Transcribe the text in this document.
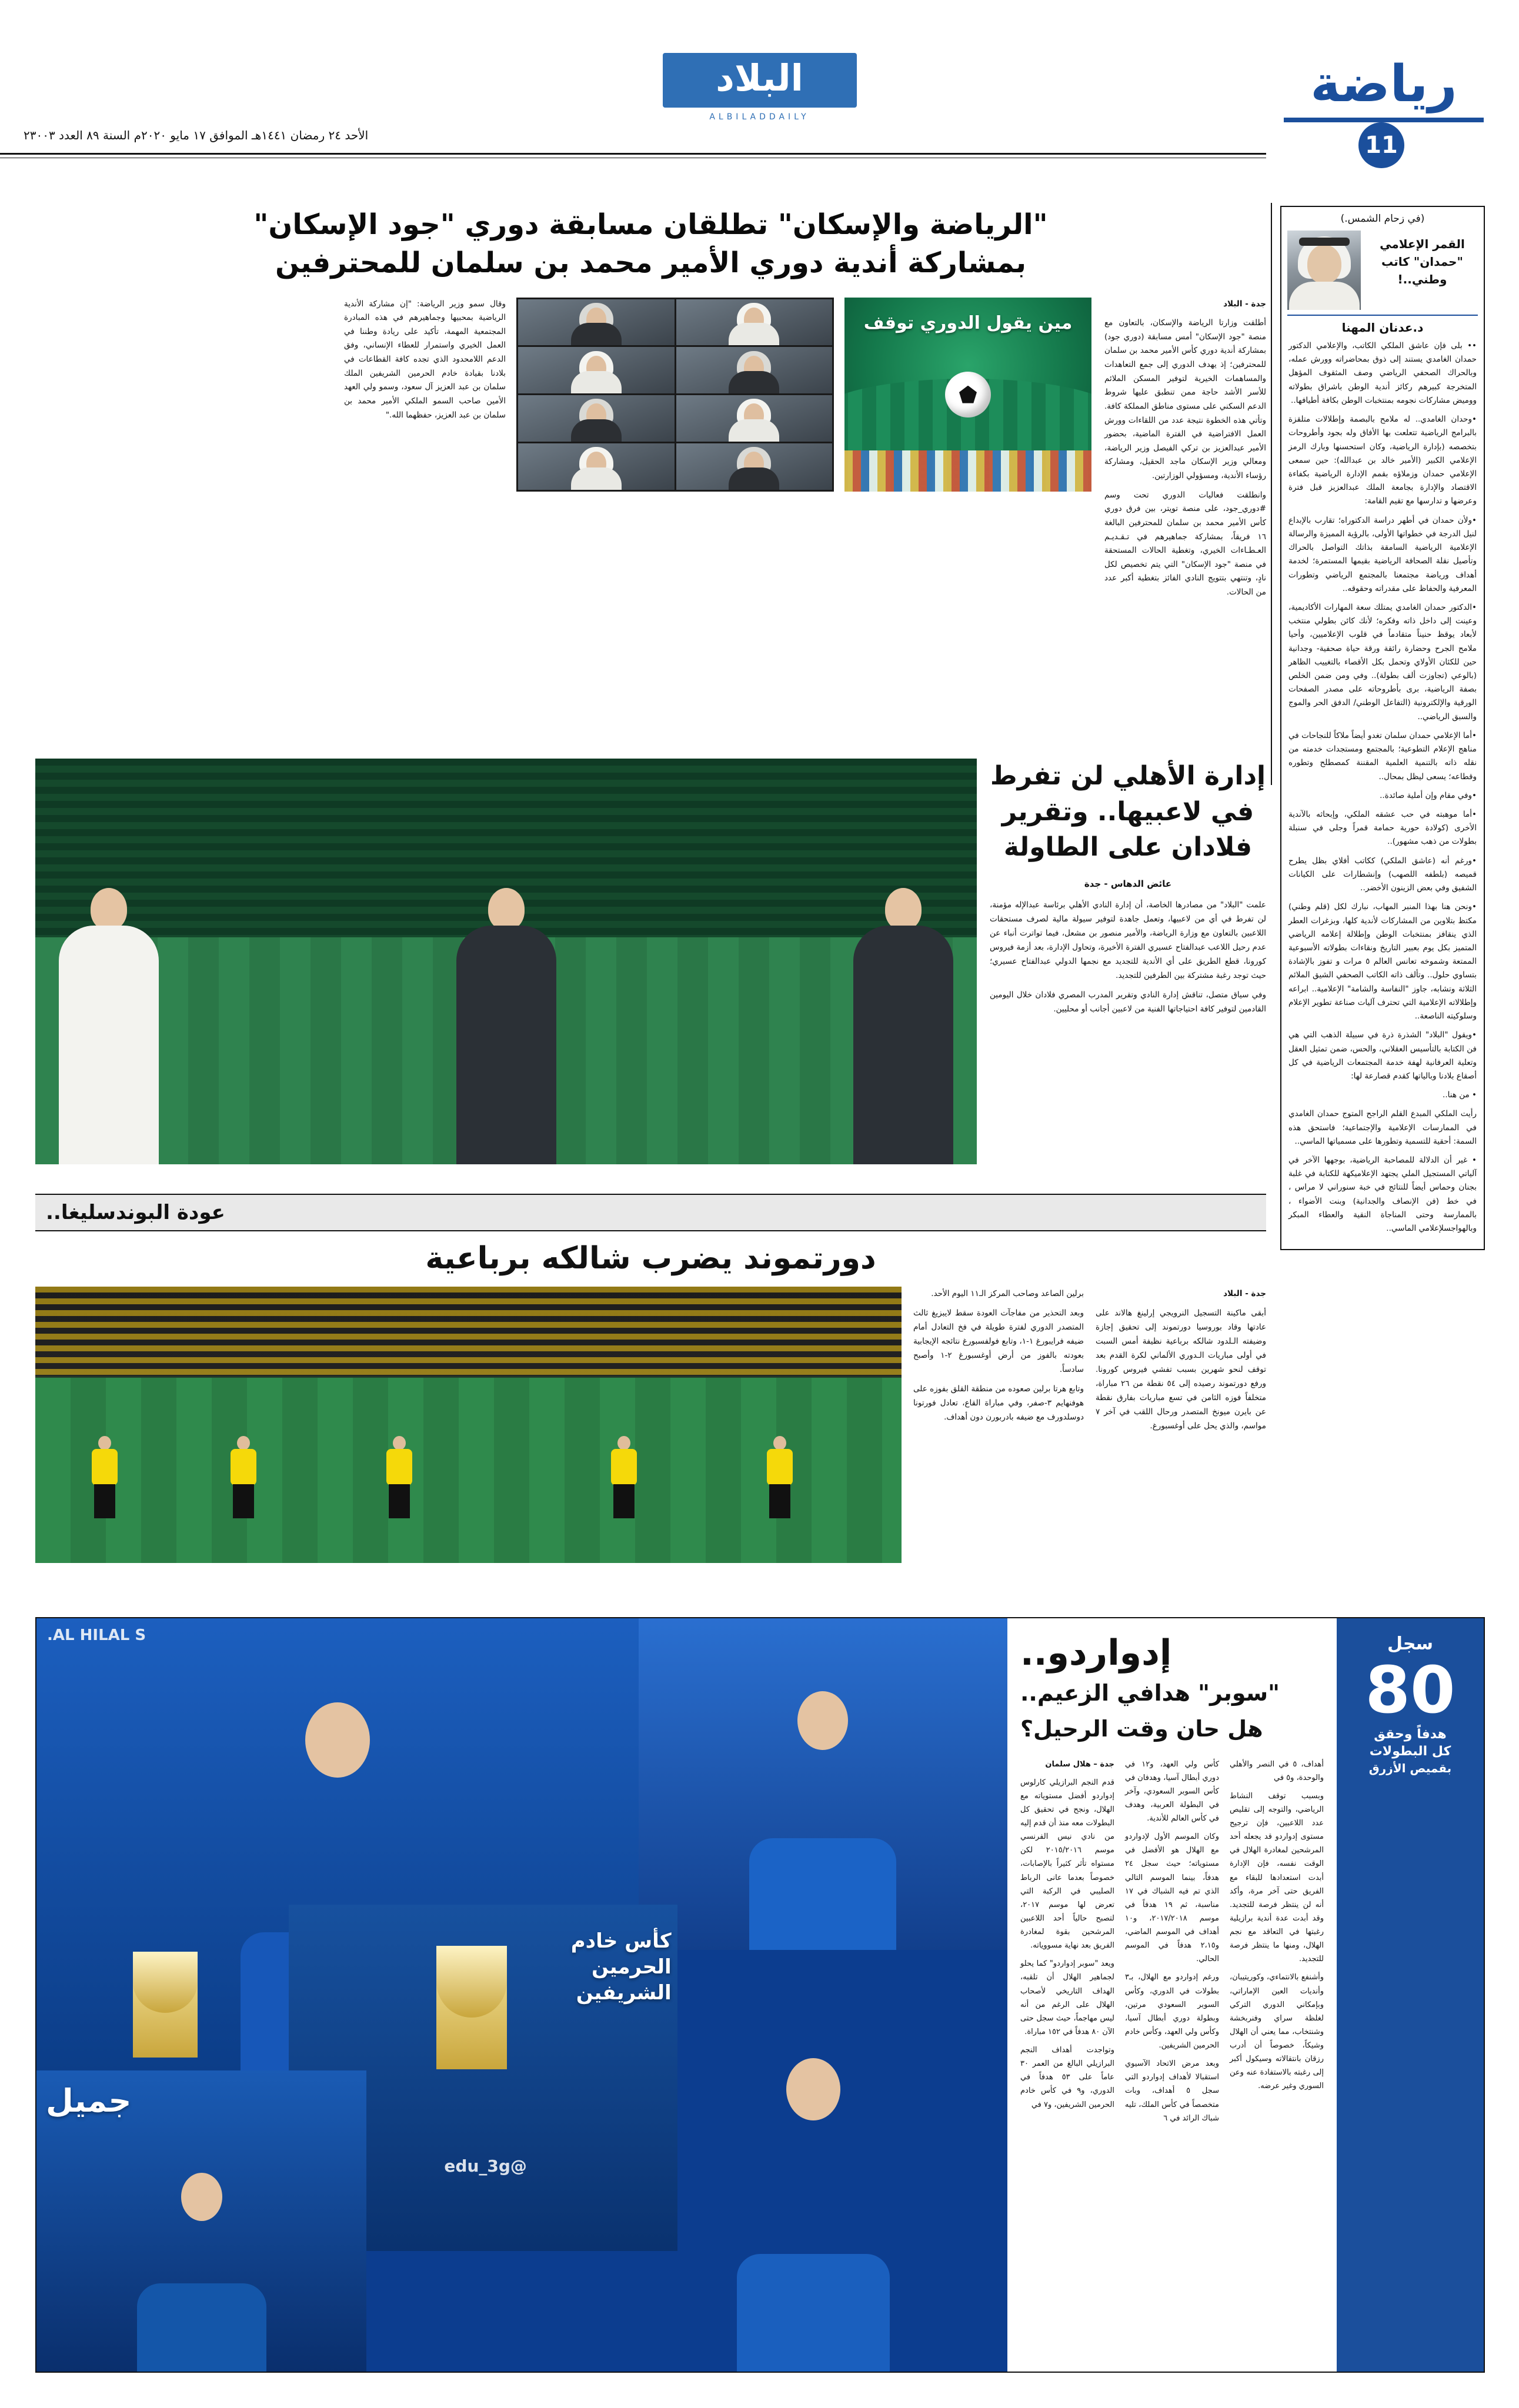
رياضة
11
البلاد
ALBILADDAILY
الأحد ٢٤ رمضان ١٤٤١هـ الموافق ١٧ مايو ٢٠٢٠م السنة ٨٩ العدد ٢٣٠٠٣
(في زحام الشمس.)
القمر الإعلامي
"حمدان" كاتب
وطني..!
د.عدنان المهنا

•• بلى فإن عاشق الملكي الكاتب، والإعلامي الدكتور حمدان الغامدي يستند إلى ذوق بمحاضراته وورش عمله، وبالحراك الصحفي الرياضي وصف المثقوف المؤهل المتخرجة كبيرهم ركائز أندية الوطن باشراق بطولاته ووميض مشاركات نجومه بمنتخبات الوطن بكافة أطيافها..

•وحدان الغامدي.. له ملامح بالبصمة وإطلالات متلقزة بالبرامج الرياضية تتعلعت بها الأفاق وله بجود وأطروحات بتخصصه (بإدارة الرياضية، وكان استحسنها وبارك الرمز الإعلامي الكبير (الأمير خالد بن عبدالله): حين سمعى الإعلامي حمدان وزملاؤه بقمم الإدارة الرياضية بكفاءة الاقتصاد والإدارة بجامعة الملك عبدالعزيز قبل فترة وعرضها و تدارسها مع تقيم القامة:

•ولأن حمدان في أطهر دراسة الدكتوراه؛ تقارب بالإبداع لنيل الدرجة في خطواتها الأولى، بالرؤية المميزة والرسالة الإعلامية الرياضية السامقة بذاتك التواصل بالحراك وتأصيل نقلة الصحافة الرياضية بقيمها المستمرة؛ لخدمة أهداف ورياضة مجتمعنا بالمجتمع الرياضي وتطورات المعرفية والحفاظ على مقدراته وحقوقه..

•الدكتور حمدان الغامدي يمتلك سعة المهارات الأكاديمية، وعينت إلى داخل ذاته وفكره؛ لأنك كائن بطولي منتخب لأبعاد يوقظ حنيناً متقادماً في قلوب الإعلاميين، وأحيا ملامح الجرح وحضارة رائقة ورقة حياة صحفية- وجدانية حين للكئان الأولاي وتحمل بكل الأقصاء بالتغييب الظاهر (بالوعي (تجاوزت ألف بطولة).. وفي ومن ضمن الخلص بصفة الرياضية، برى بأطروحاته على مصدر الصفحات الورقية والإلكترونية (التفاعل الوطني/ الدفق الحر والموج والسبق الرياضي..

•أما الإعلامي حمدان سلمان تغدو أيضاً ملاكاً للنجاحات في مناهج الإعلام التطوعية؛ بالمجتمع ومستجدات خدمته من نقله ذاته بالتنمية العلمية المقننة كمصطلح وتطوره وقطاعه؛ يسعى ليظل بمحال..

•وفي مقام وإن أملية صائدة..

•أما موهبته في حب عشقه الملكي، وإبحاثه بالآندية الأخرى (كولادة حورية حمامة قمراً وجلى في سنبلة بطولات من ذهب مشهور)..

•ورغم أنه (عاشق الملكي) ككاتب أفلاي بظل يطرح قميصه (بلطفه اللصهب) وإنشطارات على الكيانات الشفيق وفي بعض الزينون الأخضر..

•ونحن هنا بهذا المنبر المهاب، نبارك لكل (قلم وطني) مكتظ بتلاوين من المشاركات لأندية كلها، وبزغرات العطر الذي ينقافز بمنتخبات الوطن وإطلالة إعلامه الرياضي المتميز بكل يوم بعبير التاريخ ونقاءات بطولاته الأسبوعية الممتعة وشموخه تعانس العالم ٥ مرات و تفوز بالإشادة بتساوي حلول.. وتألف ذاته الكاتب الصحفي الشيق الملائم الثلاثة وتشابه، جاوز "النفاسة والشامة" الإعلامية.. ابراعه وإطلالاته الإعلامية التي تحترف آليات صناعة تطوير الإعلام وسلوكيته الناصعة..

•ويقول "البلاد" الشذرة ذرة في سبيلة الذهب التي هي فن الكتابة بالتأسيس العقلاني، والحس، ضمن تمثيل العقل وتعلية العرفانية لهفة خدمة المجتمعات الرياضية في كل أصقاع بلادنا وبالياتها كقدم قصارعة لها:

• من هنا..

رأيت الملكي المبدع القلم الراجح المتوج حمدان الغامدي في الممارسات الإعلامية والإجتماعية؛ فاستحق هذه السمة: أحقية للتسمية وتطورها على مسمياتها الماسي..

• غير أن الدلالة للمصاحبة الرياضية، بوجهها الآخر في آلياتي المستجيل الملي يجتهد الإعلاميكهة للكتابة في غلبة بجنان وحماس أيضاً للنتائج في خبة سنوراني لا مراس ، في خط (فن الإنصاف والجدانية) وبنت الأضواء ، بالممارسة وحتى المناجاة النقية والعطاء المبكر وبالهواجسلإعلامي الماسي..

"الرياضة والإسكان" تطلقان مسابقة دوري "جود الإسكان"
بمشاركة أندية دوري الأمير محمد بن سلمان للمحترفين

جدة - البلاد

أطلقت وزارتا الرياضة والإسكان، بالتعاون مع منصة "جود الإسكان" أمس مسابقة (دوري جود) بمشاركة أندية دوري كأس الأمير محمد بن سلمان للمحترفين؛ إذ يهدف الدوري إلى جمع التعاهدات والمساهمات الخيرية لتوفير المسكن الملائم للأسر الأشد حاجة ممن تنطبق عليها شروط الدعم السكني على مستوى مناطق المملكة كافة. وتأتي هذه الخطوة نتيجة عدد من اللقاءات وورش العمل الافتراضية في الفترة الماضية، بحضور الأمير عبدالعزيز بن تركي الفيصل وزير الرياضة، ومعالي وزير الإسكان ماجد الحقيل، ومشاركة رؤساء الأندية، ومسؤولي الوزارتين.

وانطلقت فعاليات الدوري تحت وسم #دوري_جود، على منصة تويتر، بين فرق دوري كأس الأمير محمد بن سلمان للمحترفين البالغة ١٦ فريقاً، بمشاركة جماهيرهم في تـقـديـم العـطـاءات الخيري، وتغطية الحالات المستحقة في منصة "جود الإسكان" التي يتم تخصيص لكل نادٍ، وتنتهي بتتويج النادي الفائز بتغطية أكبر عدد من الحالات.

مين يقول الدوري توقف

وقال سمو وزير الرياضة: "إن مشاركة الأندية الرياضية بمحبيها وجماهيرهم في هذه المبادرة المجتمعية المهمة، تأكيد على ريادة وطننا في العمل الخيري واستمرار للعطاء الإنساني، وفق الدعم اللامحدود الذي تجده كافة القطاعات في بلادنا بقيادة خادم الحرمين الشريفين الملك سلمان بن عبد العزيز آل سعود، وسمو ولي العهد الأمين صاحب السمو الملكي الأمير محمد بن سلمان بن عبد العزيز، حفظهما الله."

إدارة الأهلي لن تفرط في لاعبيها.. وتقرير فلادان على الطاولة
عائض الدهاس - جدة

علمت "البلاد" من مصادرها الخاصة، أن إدارة النادي الأهلي برئاسة عبدالإله مؤمنة، لن تفرط في أي من لاعبيها، وتعمل جاهدة لتوفير سيولة مالية لصرف مستحقات اللاعبين بالتعاون مع وزارة الرياضة، والأمير منصور بن مشعل، فيما تواترت أنباء عن عدم رحيل اللاعب عبدالفتاح عسيري الفترة الأخيرة، وتحاول الإدارة، بعد أزمة فيروس كورونا، قطع الطريق على أي الأندية للتجديد مع نجمها الدولي عبدالفتاح عسيري؛ حيث توجد رغبة مشتركة بين الطرفين للتجديد.

وفي سياق متصل، تناقش إدارة النادي وتقرير المدرب المصري فلادان خلال اليومين القادمين لتوفير كافة احتياجاتها الفنية من لاعبين أجانب أو محليين.

عودة البوندسليغا..
دورتموند يضرب شالكه برباعية

جدة - البلاد

أبقى ماكينة التسجيل النرويجي إرلينغ هالاند على عادتها وقاد بوروسيا دورتموند إلى تحقيق إجازة وضيفته الـلدود شالكه برباعية نظيفة أمس السبت في أولى مباريات الـدوري الألماني لكرة القدم بعد توقف لنحو شهرين بسبب تفشي فيروس كورونا. ورفع دورتموند رصيده إلى ٥٤ نقطة من ٢٦ مباراة، متخلفاً فوزه الثامن في تسع مباريات بفارق نقطة عن بايرن ميونخ المتصدر ورحال اللقب في آخر ٧ مواسم، والذي يحل على أوغسبورغ.

برلين الصاعد وصاحب المركز الـ١١ اليوم الأحد.

وبعد التحذير من مفاجآت العودة سقط لايبزيغ ثالث المتصدر الدوري لفترة طويلة في فخ التعادل أمام ضيفه فرايبورغ ١-١، وتابع فولفسبورغ نتائجه الإيجابية بعودته بالفوز من أرض أوغسبورغ ٢-١ وأصبح سادساً.

وتابع هرتا برلين صعوده من منطقة القلق بفوزه على هوفنهايم ٣-صفر، وفي مباراة القاع، تعادل فورتونا دوسلدورف مع ضيفه بادربورن دون أهداف.

سجل
80
هدفاً وحقق
كل البطولات
بقميص الأزرق
إدواردو..
"سوبر" هدافي الزعيم..
هل حان وقت الرحيل؟

أهداف، ٥ في النصر والأهلي والوحدة، و٥ في

وبسبب توقف النشاط الرياضي، والتوجه إلى تقليص عدد اللاعبين، فإن ترجيح مستوى إدواردو قد يجعله أحد المرشحين لمغادرة الهلال في الوقت نفسه، فإن الإدارة أبدت استعدادها للبقاء مع الفريق حتى آخر مرة، وأكد أنه لن ينتظر فرصة للتجديد. وقد أبدت عدة أندية برازيلية رغبتها في التعاقد مع نجم الهلال، ومنها ما ينتظر فرصة للتجديد.

وأشنفع بالانتماءي، وكوريتيبان، وأنديات العين الإماراتي، وبإمكاني الدوري التركي لغلظة سراي وفنربخشة وشنتخاب، مما يعني أن الهلال وشيكاً، خصوصاً أن أدرب رزقان بانتقالاته وسيكول أكبر إلى رغبته بالاستفادة عنه وعن السوري وغير عرضه.

كأس ولي العهد، و١٢ في دوري أبطال آسيا، وهدفان في كأس السوبر السعودي، وآخر في البطولة العربية، وهدف في كأس العالم للأندية.

وكان الموسم الأول لإدواردو مع الهلال هو الأفضل في مستوياته؛ حيث سجل ٢٤ هدفاً، بينما الموسم التالي الذي تم فيه الشباك في ١٧ مناسبة، ثم ١٩ هدفاً في موسم ٢٠١٧/٢٠١٨، و١٠ أهداف في الموسم الماضي، و٢،١٥ هدفاً في الموسم الحالي.

ورغم إدواردو مع الهلال، بـ٣ بطولات في الدوري، وكأس السوبر السعودي مرتين، وبطولة دوري أبطال آسيا، وكأس ولي العهد، وكأس خادم الحرمين الشريفين.

وبعد مرض الاتحاد الآسيوي استقبالا لأهداف إدواردو التي سجل ٥ أهداف، وبات متخصصاً في كأس الملك، تليه شباك الرائد في ٦

جدة – هلال سلمان

قدم النجم البرازيلي كارلوس إدواردو أفضل مستوياته مع الهلال، ونجح في تحقيق كل البطولات معه منذ أن قدم إليه من نادي نيس الفرنسي موسم ٢٠١٥/٢٠١٦ لكن مستواه تأثر كثيراً بالإصابات، خصوصاً بعدما عانى الرباط الصليبي في الركبة التي تعرض لها موسم ٢٠١٧، لتصبح حالياً أحد اللاعبين المرشحين بقوة لمغادرة الفريق بعد نهاية مسووياته.

ويعد "سوبر إدواردو" كما يحلو لجماهير الهلال أن تلقبه، الهداف التاريخي لأصحاب الهلال على الرغم من أنه ليس مهاجماً، حيث سجل حتى الآن ٨٠ هدفاً في ١٥٢ مباراة.

وتواجدت أهداف النجم البرازيلي البالغ من العمر ٣٠ عاماً على ٥٣ هدفاً في الدوري، و٩ في كأس خادم الحرمين الشريفين، و٧ في

AL HILAL S.
كأس خادم الحرمين الشريفين
جميل
@edu_3g
